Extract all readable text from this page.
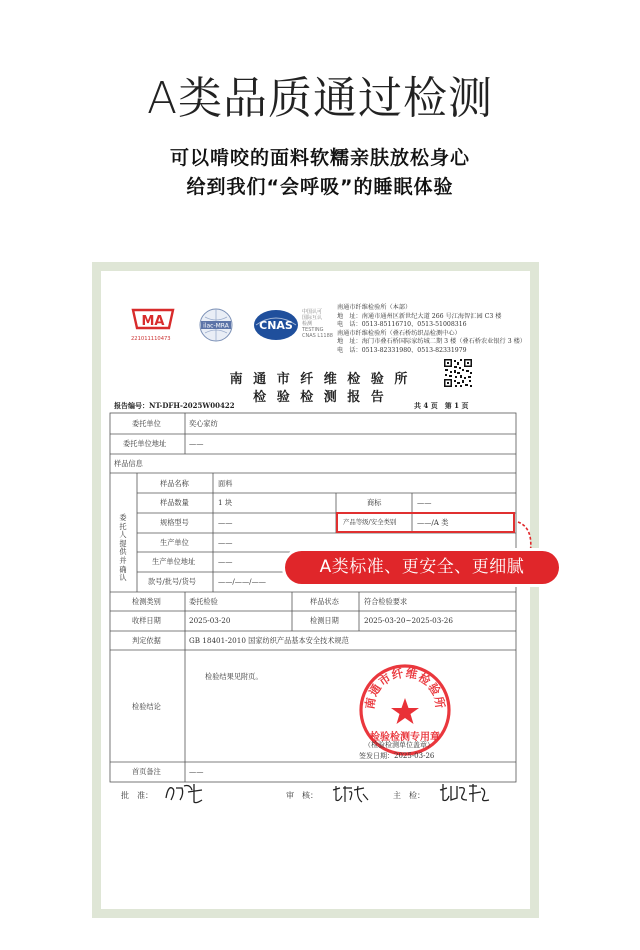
A类品质通过检测
可以啃咬的面料软糯亲肤放松身心
给到我们“会呼吸”的睡眠体验
MA
221011110473
ilac-MRA	CNAS
中国认可
国际互认
检测
TESTING
CNAS L1188
南通市纤维检验所（本部）
地　址：南通市通州区新世纪大道 266 号江海智汇园 C3 楼
电　话：0513-85116710、0513-51008316
南通市纤维检验所（叠石桥纺织品检测中心）
地　址：海门市叠石桥国际家纺城二期 3 楼（叠石桥农业银行 3 楼）
电　话：0513-82331980、0513-82331979
南 通 市 纤 维 检 验 所
检 验 检 测 报 告
报告编号：NT-DFH-2025W00422	共 4 页　第 1 页
委托单位	奕心家纺
委托单位地址	——
样品信息
委托人提供并确认
样品名称	面料
样品数量	1 块	商标	——
规格型号	——	产品等级/安全类别	——/A 类
生产单位	——
生产单位地址	——
款号/批号/货号	——/——/——
检测类别	委托检验	样品状态	符合检验要求
收样日期	2025-03-20	检测日期	2025-03-20~2025-03-26
判定依据	GB 18401-2010 国家纺织产品基本安全技术规范
检验结论
检验结果见附页。
首页备注	——
南通市纤维检验所
检验检测专用章
（检验检测单位盖章）
签发日期：2025-03-26
批　准：	审　核：	主　检：
A类标准、更安全、更细腻
